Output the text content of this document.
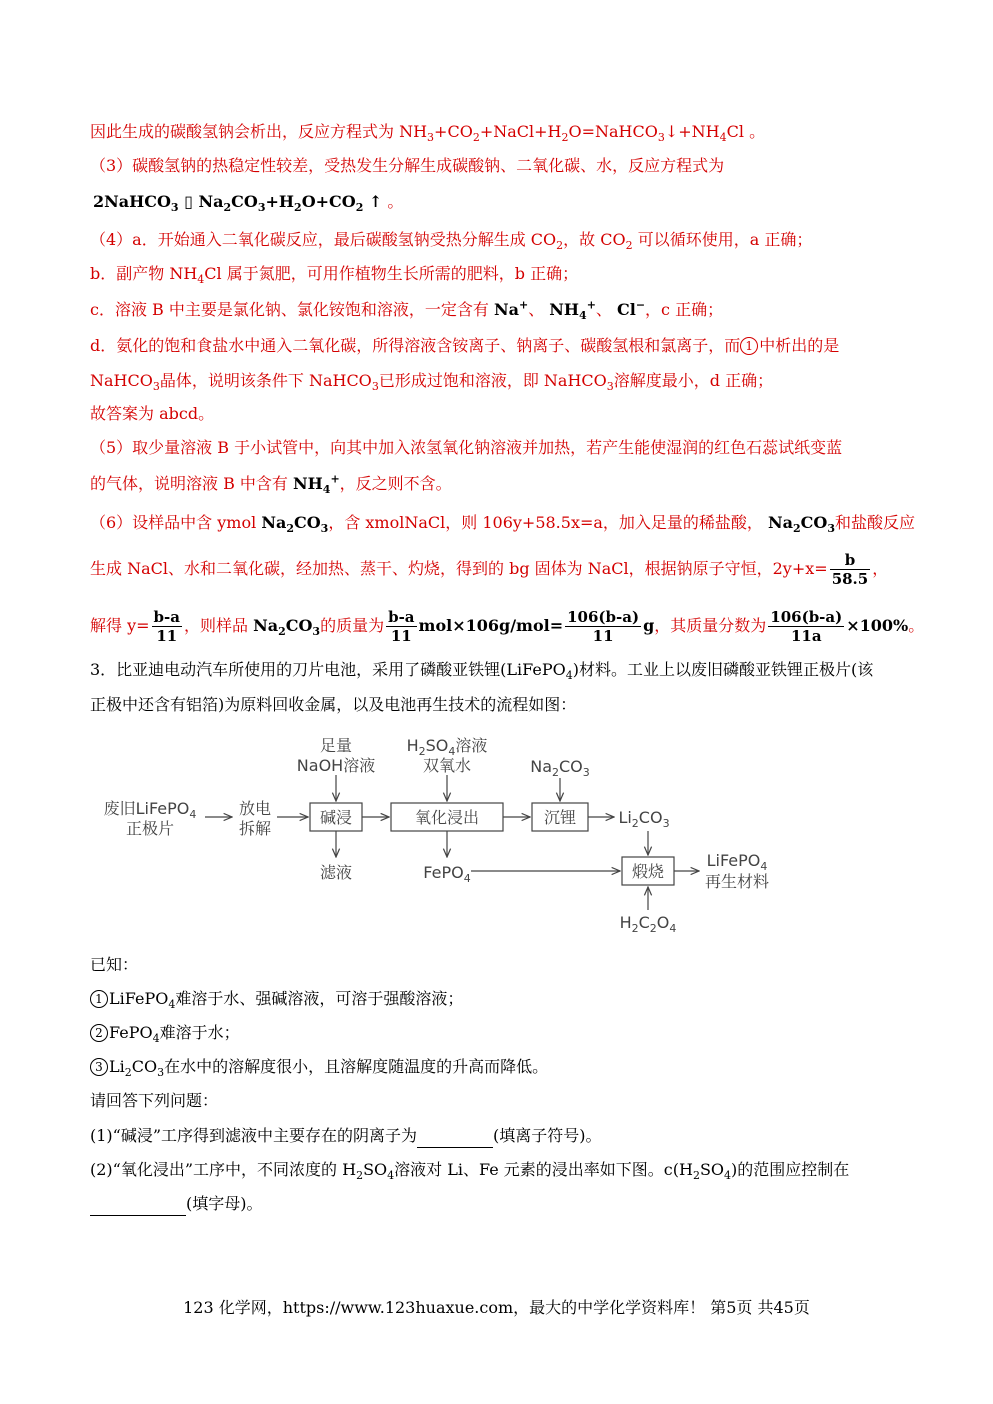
因此生成的碳酸氢钠会析出，反应方程式为 $NH_3+CO_2+NaCl+H_2O=NaHCO_3↓+NH_4Cl$ 。
（3）碳酸氢钠的热稳定性较差，受热发生分解生成碳酸钠、二氧化碳、水，反应方程式为
2NaHCO$_3$ ▯ $Na_2CO_3+H_2O+CO_2$ ↑ 。
（4）a．开始通入二氧化碳反应，最后碳酸氢钠受热分解生成 $CO_2$，故 $CO_2$ 可以循环使用，a 正确；
b．副产物 $NH_4Cl$ 属于氮肥，可用作植物生长所需的肥料，b 正确；
c．溶液 B 中主要是氯化钠、氯化铵饱和溶液，一定含有 Na+、 $NH_4^+$、 Cl−，c 正确；
d．氨化的饱和食盐水中通入二氧化碳，所得溶液含铵离子、钠离子、碳酸氢根和氯离子，而 1 中析出的是
NaHCO$_3$晶体，说明该条件下 NaHCO$_3$已形成过饱和溶液，即 NaHCO$_3$溶解度最小，d 正确；
故答案为 abcd。
（5）取少量溶液 B 于小试管中，向其中加入浓氢氧化钠溶液并加热，若产生能使湿润的红色石蕊试纸变蓝
的气体，说明溶液 B 中含有 $NH_4^+$，反之则不含。
（6）设样品中含 ymol $Na_2CO_3$，含 xmolNaCl，则 106y+58.5x=a，加入足量的稀盐酸， $Na_2CO_3$和盐酸反应
生成 NaCl、水和二氧化碳，经加热、蒸干、灼烧，得到的 bg 固体为 NaCl，根据钠原子守恒，$2y+x= \frac{b}{58.5}$ ，
解得 $y= \frac{b-a}{11}$ ，则样品 $Na_2CO_3$的质量为 $\frac{b-a}{11} mol\times 106g/mol= \frac{106(b-a)}{11}$ g，其质量分数为 $\frac{106(b-a)}{11a} \times 100\%$。
3．比亚迪电动汽车所使用的刀片电池，采用了磷酸亚铁锂(LiFePO$_4$)材料。工业上以废旧磷酸亚铁锂正极片(该
正极中还含有铝箔)为原料回收金属，以及电池再生技术的流程如图：
废旧LiFePO$_4$
正极片
放电
拆解
足量
NaOH溶液
碱浸
滤液
$H_2SO_4$溶液
双氧水
氧化浸出
FePO$_4$
$Na_2CO_3$
沉锂	$Li_2CO_3$
煅烧
$H_2C_2O_4$
LiFePO$_4$
再生材料
已知：
1 LiFePO$_4$难溶于水、强碱溶液，可溶于强酸溶液；
2 FePO$_4$难溶于水；
3 $Li_2CO_3$在水中的溶解度很小，且溶解度随温度的升高而降低。
请回答下列问题：
(1)“碱浸”工序得到滤液中主要存在的阴离子为	(填离子符号)。
(2)“氧化浸出”工序中，不同浓度的 $H_2SO_4$溶液对 Li、Fe 元素的浸出率如下图。$c(H_2SO_4)$的范围应控制在
(填字母)。
123 化学网，https://www.123huaxue.com，最大的中学化学资料库！ 第5页 共45页
